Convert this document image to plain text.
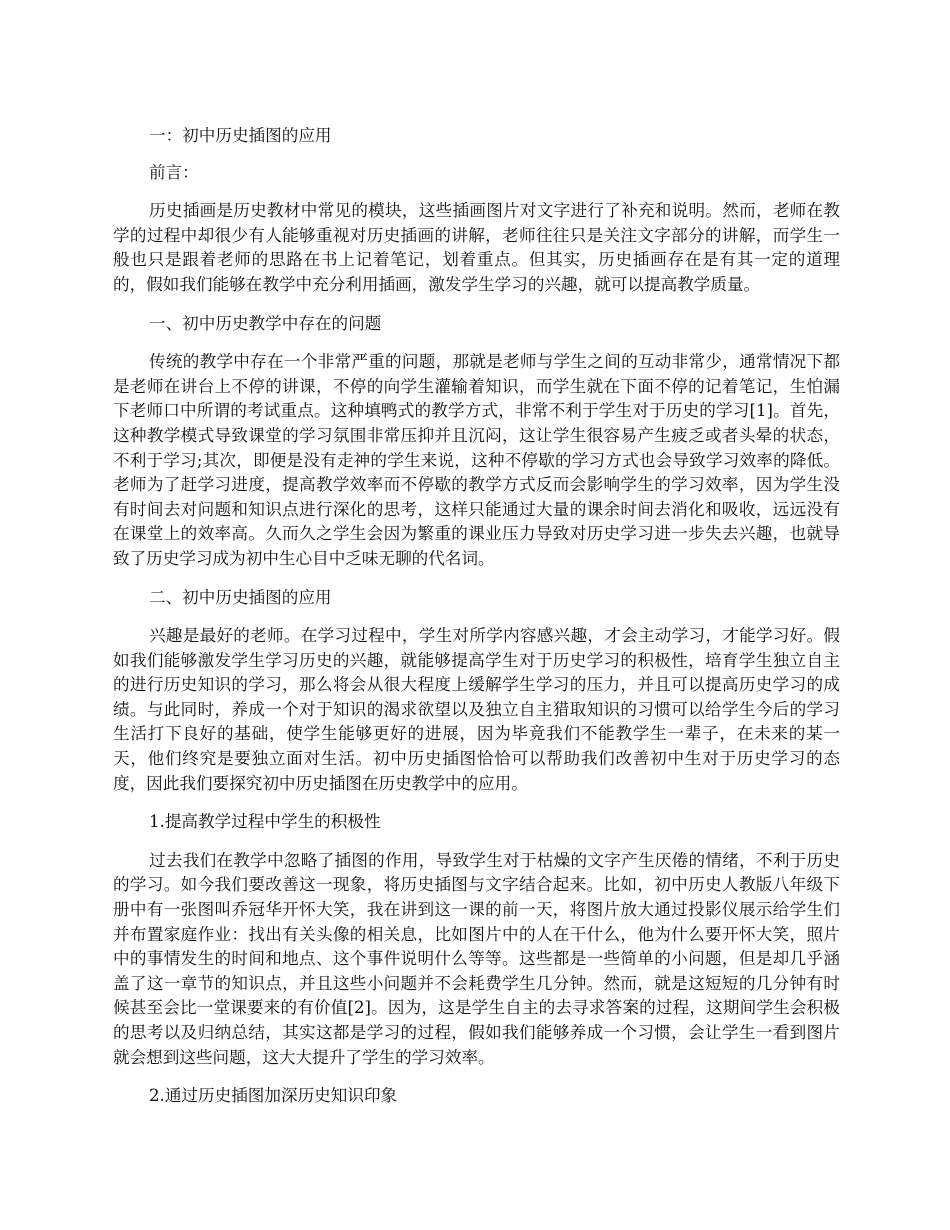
一：初中历史插图的应用

前言：

历史插画是历史教材中常见的模块，这些插画图片对文字进行了补充和说明。然而，老师在教学的过程中却很少有人能够重视对历史插画的讲解，老师往往只是关注文字部分的讲解，而学生一般也只是跟着老师的思路在书上记着笔记，划着重点。但其实，历史插画存在是有其一定的道理的，假如我们能够在教学中充分利用插画，激发学生学习的兴趣，就可以提高教学质量。

一、初中历史教学中存在的问题

传统的教学中存在一个非常严重的问题，那就是老师与学生之间的互动非常少，通常情况下都是老师在讲台上不停的讲课，不停的向学生灌输着知识，而学生就在下面不停的记着笔记，生怕漏下老师口中所谓的考试重点。这种填鸭式的教学方式，非常不利于学生对于历史的学习[1]。首先，这种教学模式导致课堂的学习氛围非常压抑并且沉闷，这让学生很容易产生疲乏或者头晕的状态，不利于学习;其次，即便是没有走神的学生来说，这种不停歇的学习方式也会导致学习效率的降低。老师为了赶学习进度，提高教学效率而不停歇的教学方式反而会影响学生的学习效率，因为学生没有时间去对问题和知识点进行深化的思考，这样只能通过大量的课余时间去消化和吸收，远远没有在课堂上的效率高。久而久之学生会因为繁重的课业压力导致对历史学习进一步失去兴趣，也就导致了历史学习成为初中生心目中乏味无聊的代名词。

二、初中历史插图的应用

兴趣是最好的老师。在学习过程中，学生对所学内容感兴趣，才会主动学习，才能学习好。假如我们能够激发学生学习历史的兴趣，就能够提高学生对于历史学习的积极性，培育学生独立自主的进行历史知识的学习，那么将会从很大程度上缓解学生学习的压力，并且可以提高历史学习的成绩。与此同时，养成一个对于知识的渴求欲望以及独立自主猎取知识的习惯可以给学生今后的学习生活打下良好的基础，使学生能够更好的进展，因为毕竟我们不能教学生一辈子，在未来的某一天，他们终究是要独立面对生活。初中历史插图恰恰可以帮助我们改善初中生对于历史学习的态度，因此我们要探究初中历史插图在历史教学中的应用。

1.提高教学过程中学生的积极性

过去我们在教学中忽略了插图的作用，导致学生对于枯燥的文字产生厌倦的情绪，不利于历史的学习。如今我们要改善这一现象，将历史插图与文字结合起来。比如，初中历史人教版八年级下册中有一张图叫乔冠华开怀大笑，我在讲到这一课的前一天，将图片放大通过投影仪展示给学生们并布置家庭作业：找出有关头像的相关息，比如图片中的人在干什么，他为什么要开怀大笑，照片中的事情发生的时间和地点、这个事件说明什么等等。这些都是一些简单的小问题，但是却几乎涵盖了这一章节的知识点，并且这些小问题并不会耗费学生几分钟。然而，就是这短短的几分钟有时候甚至会比一堂课要来的有价值[2]。因为，这是学生自主的去寻求答案的过程，这期间学生会积极的思考以及归纳总结，其实这都是学习的过程，假如我们能够养成一个习惯，会让学生一看到图片就会想到这些问题，这大大提升了学生的学习效率。

2.通过历史插图加深历史知识印象
